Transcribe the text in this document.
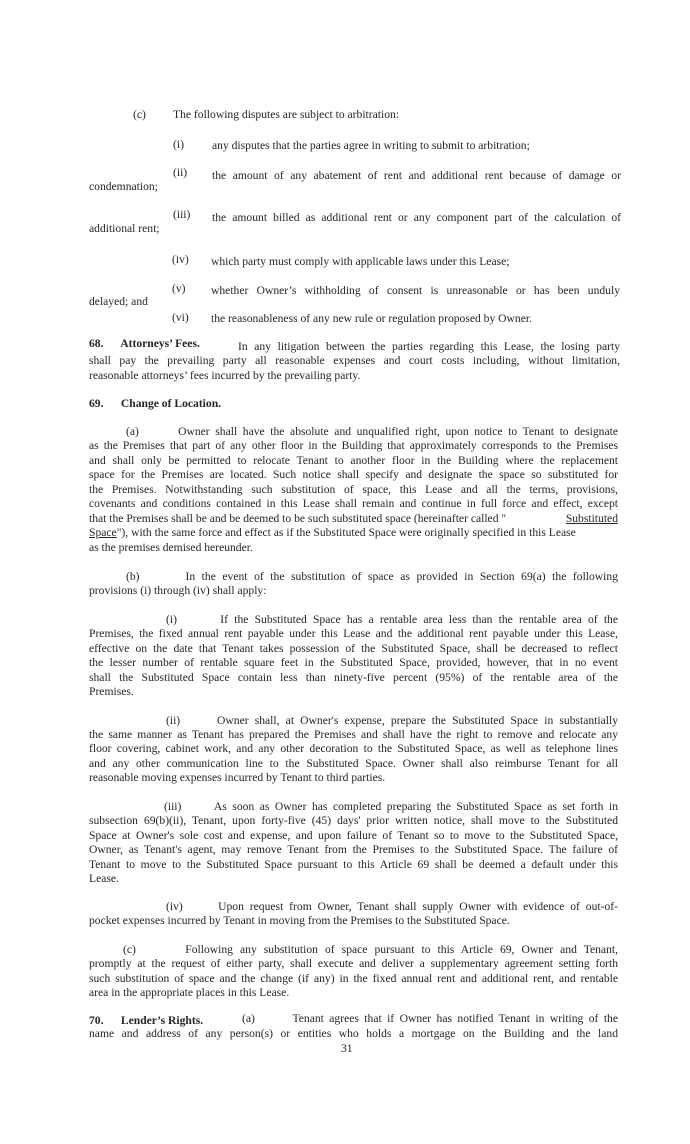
(c) The following disputes are subject to arbitration:
(i) any disputes that the parties agree in writing to submit to arbitration;
(ii) the amount of any abatement of rent and additional rent because of damage or
condemnation;
(iii) the amount billed as additional rent or any component part of the calculation of
additional rent;
(iv) which party must comply with applicable laws under this Lease;
(v) whether Owner’s withholding of consent is unreasonable or has been unduly
delayed; and
(vi) the reasonableness of any new rule or regulation proposed by Owner.
68.      Attorneys’ Fees.	In any litigation between the parties regarding this Lease, the losing party
shall pay the prevailing party all reasonable expenses and court costs including, without limitation,
reasonable attorneys’ fees incurred by the prevailing party.
69.      Change of Location.
(a)       Owner shall have the absolute and unqualified right, upon notice to Tenant to designate
as the Premises that part of any other floor in the Building that approximately corresponds to the Premises
and shall only be permitted to relocate Tenant to another floor in the Building where the replacement
space for the Premises are located. Such notice shall specify and designate the space so substituted for
the Premises. Notwithstanding such substitution of space, this Lease and all the terms, provisions,
covenants and conditions contained in this Lease shall remain and continue in full force and effect, except
that the Premises shall be and be deemed to be such substituted space (hereinafter called "	Substituted
Space"), with the same force and effect as if the Substituted Space were originally specified in this Lease
as the premises demised hereunder.
(b)       In the event of the substitution of space as provided in Section 69(a) the following
provisions (i) through (iv) shall apply:
(i)       If the Substituted Space has a rentable area less than the rentable area of the
Premises, the fixed annual rent payable under this Lease and the additional rent payable under this Lease,
effective on the date that Tenant takes possession of the Substituted Space, shall be decreased to reflect
the lesser number of rentable square feet in the Substituted Space, provided, however, that in no event
shall the Substituted Space contain less than ninety-five percent (95%) of the rentable area of the
Premises.
(ii)      Owner shall, at Owner's expense, prepare the Substituted Space in substantially
the same manner as Tenant has prepared the Premises and shall have the right to remove and relocate any
floor covering, cabinet work, and any other decoration to the Substituted Space, as well as telephone lines
and any other communication line to the Substituted Space. Owner shall also reimburse Tenant for all
reasonable moving expenses incurred by Tenant to third parties.
(iii)      As soon as Owner has completed preparing the Substituted Space as set forth in
subsection 69(b)(ii), Tenant, upon forty-five (45) days' prior written notice, shall move to the Substituted
Space at Owner's sole cost and expense, and upon failure of Tenant so to move to the Substituted Space,
Owner, as Tenant's agent, may remove Tenant from the Premises to the Substituted Space. The failure of
Tenant to move to the Substituted Space pursuant to this Article 69 shall be deemed a default under this
Lease.
(iv)      Upon request from Owner, Tenant shall supply Owner with evidence of out-of-
pocket expenses incurred by Tenant in moving from the Premises to the Substituted Space.
(c)       Following any substitution of space pursuant to this Article 69, Owner and Tenant,
promptly at the request of either party, shall execute and deliver a supplementary agreement setting forth
such substitution of space and the change (if any) in the fixed annual rent and additional rent, and rentable
area in the appropriate places in this Lease.
70.      Lender’s Rights.	(a)       Tenant agrees that if Owner has notified Tenant in writing of the
name and address of any person(s) or entities who holds a mortgage on the Building and the land
31
